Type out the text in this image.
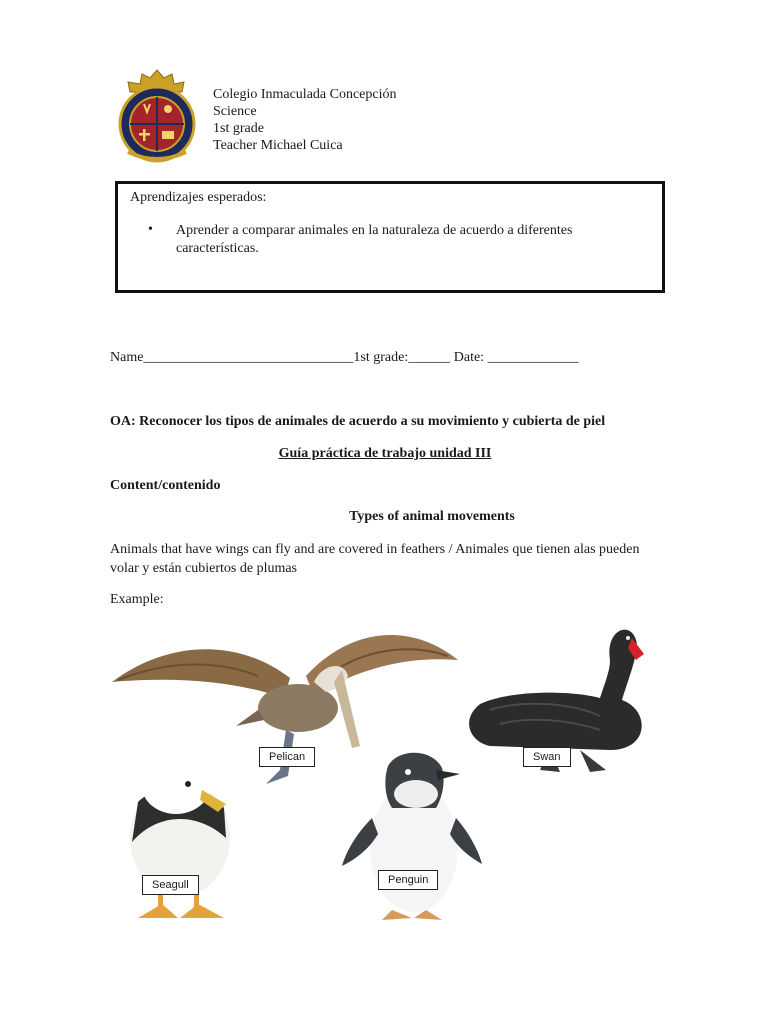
Colegio Inmaculada Concepción
Science
1st grade
Teacher Michael Cuica
Aprendizajes esperados:
• Aprender a comparar animales en la naturaleza de acuerdo a diferentes características.
Name______________________________1st grade:______ Date: _____________
OA: Reconocer los tipos de animales de acuerdo a su movimiento y cubierta de piel
Guía práctica de trabajo unidad III
Content/contenido
Types of animal movements
Animals that have wings can fly and are covered in feathers / Animales que tienen alas pueden volar y están cubiertos de plumas
Example:
Pelican	Swan
Seagull	Penguin
